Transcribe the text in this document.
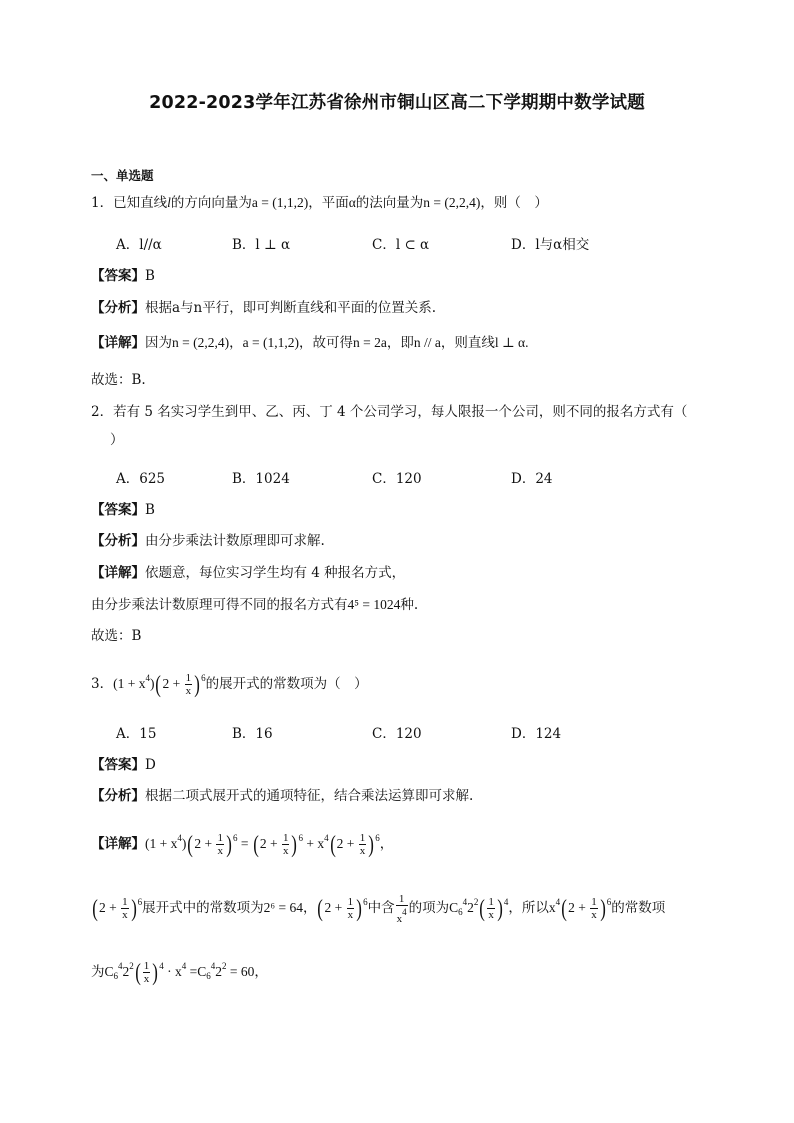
2022-2023学年江苏省徐州市铜山区高二下学期期中数学试题
一、单选题
1．已知直线l的方向向量为a = (1,1,2)，平面α的法向量为n = (2,2,4)，则（　）
A．l//α	B．l ⊥ α	C．l ⊂ α	D．l与α相交
【答案】B
【分析】根据a与n平行，即可判断直线和平面的位置关系.
【详解】因为n = (2,2,4)，a = (1,1,2)，故可得n = 2a，即n // a，则直线l ⊥ α.
故选：B.
2．若有 5 名实习学生到甲、乙、丙、丁 4 个公司学习，每人限报一个公司，则不同的报名方式有（
）
A．625	B．1024	C．120	D．24
【答案】B
【分析】由分步乘法计数原理即可求解.
【详解】依题意，每位实习学生均有 4 种报名方式，
由分步乘法计数原理可得不同的报名方式有4⁵ = 1024种.
故选：B
3．$(1 + x^4)(2 + \frac{1}{x} )^6$的展开式的常数项为（　）
A．15	B．16	C．120	D．124
【答案】D
【分析】根据二项式展开式的通项特征，结合乘法运算即可求解.
【详解】$(1 + x^4)(2 + \frac{1}{x} )^6 = (2 + \frac{1}{x} )^6 + x^4(2 + \frac{1}{x} )^6$，
$(2 + \frac{1}{x} )^6$展开式中的常数项为2⁶ = 64，$(2 + \frac{1}{x} )^6$中含 $\frac{1}{x^4}$ 的项为$C_6^42^2( \frac{1}{x} )^4$，所以$x^4(2 + \frac{1}{x} )^6$的常数项
为$C_6^42^2( \frac{1}{x} )^4 \cdot x^4 =C_6^42^2 = 60$，
